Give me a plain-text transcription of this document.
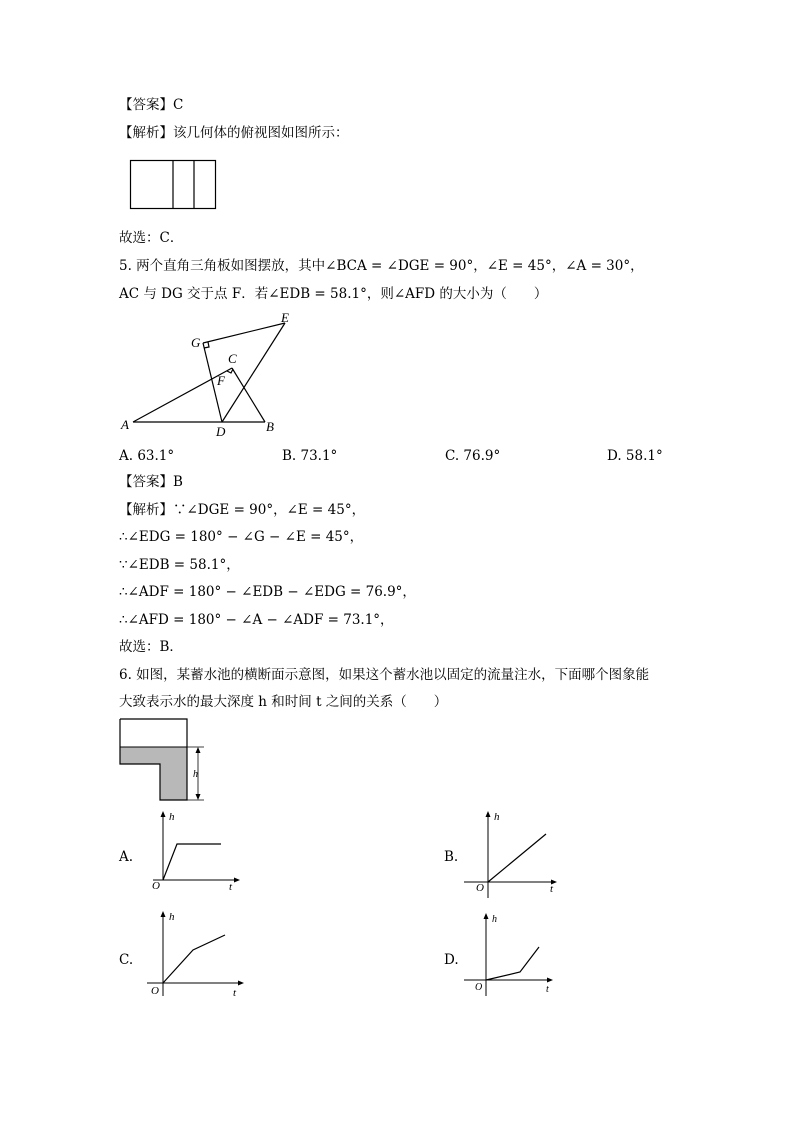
【答案】C
【解析】该几何体的俯视图如图所示：
故选：C．
5. 两个直角三角板如图摆放，其中∠BCA = ∠DGE = 90°，∠E = 45°，∠A = 30°，
AC 与 DG 交于点 F．若∠EDB = 58.1°，则∠AFD 的大小为（　　）
E
G
C
F
A	D	B
A. 63.1°	B. 73.1°	C. 76.9°	D. 58.1°
【答案】B
【解析】∵∠DGE = 90°，∠E = 45°，
∴∠EDG = 180° − ∠G − ∠E = 45°，
∵∠EDB = 58.1°，
∴∠ADF = 180° − ∠EDB − ∠EDG = 76.9°，
∴∠AFD = 180° − ∠A − ∠ADF = 73.1°，
故选：B．
6. 如图，某蓄水池的横断面示意图，如果这个蓄水池以固定的流量注水，下面哪个图象能
大致表示水的最大深度 h 和时间 t 之间的关系（　　）
h
A.
h
t
O
B.
h
t
O
C.
h
t
O
D.
h
t
O
